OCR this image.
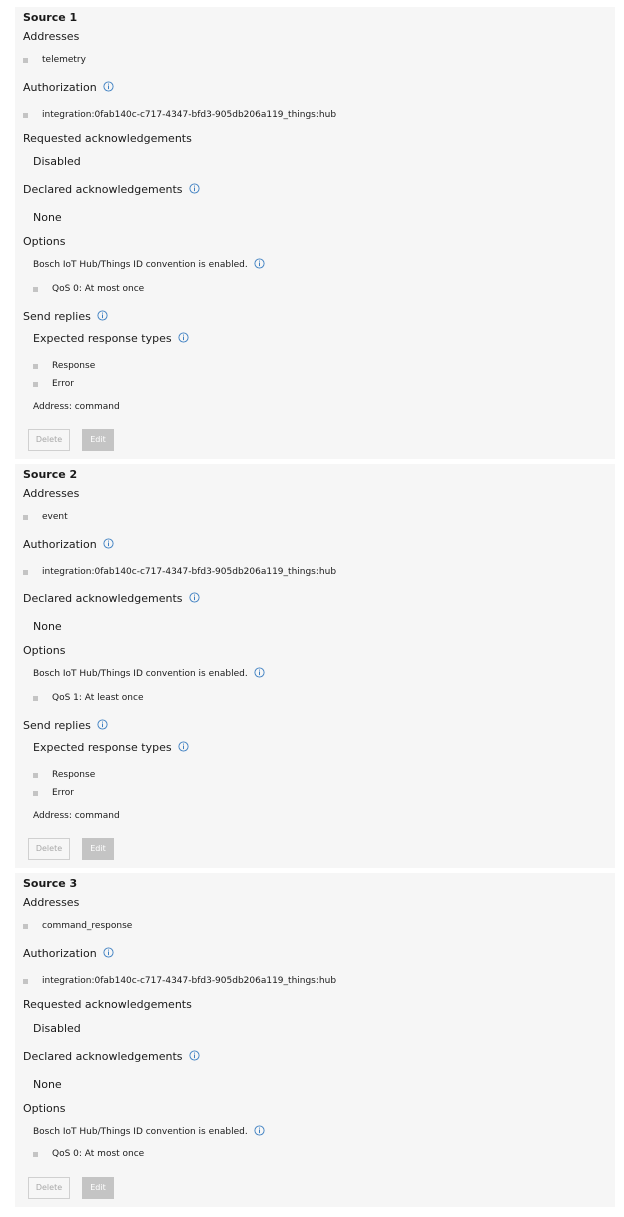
Source 1
Addresses
telemetry
Authorization
integration:0fab140c-c717-4347-bfd3-905db206a119_things:hub
Requested acknowledgements
Disabled
Declared acknowledgements
None
Options
Bosch IoT Hub/Things ID convention is enabled.
QoS 0: At most once
Send replies
Expected response types
Response
Error
Address: command
Delete	Edit
Source 2
Addresses
event
Authorization
integration:0fab140c-c717-4347-bfd3-905db206a119_things:hub
Declared acknowledgements
None
Options
Bosch IoT Hub/Things ID convention is enabled.
QoS 1: At least once
Send replies
Expected response types
Response
Error
Address: command
Delete	Edit
Source 3
Addresses
command_response
Authorization
integration:0fab140c-c717-4347-bfd3-905db206a119_things:hub
Requested acknowledgements
Disabled
Declared acknowledgements
None
Options
Bosch IoT Hub/Things ID convention is enabled.
QoS 0: At most once
Delete	Edit
